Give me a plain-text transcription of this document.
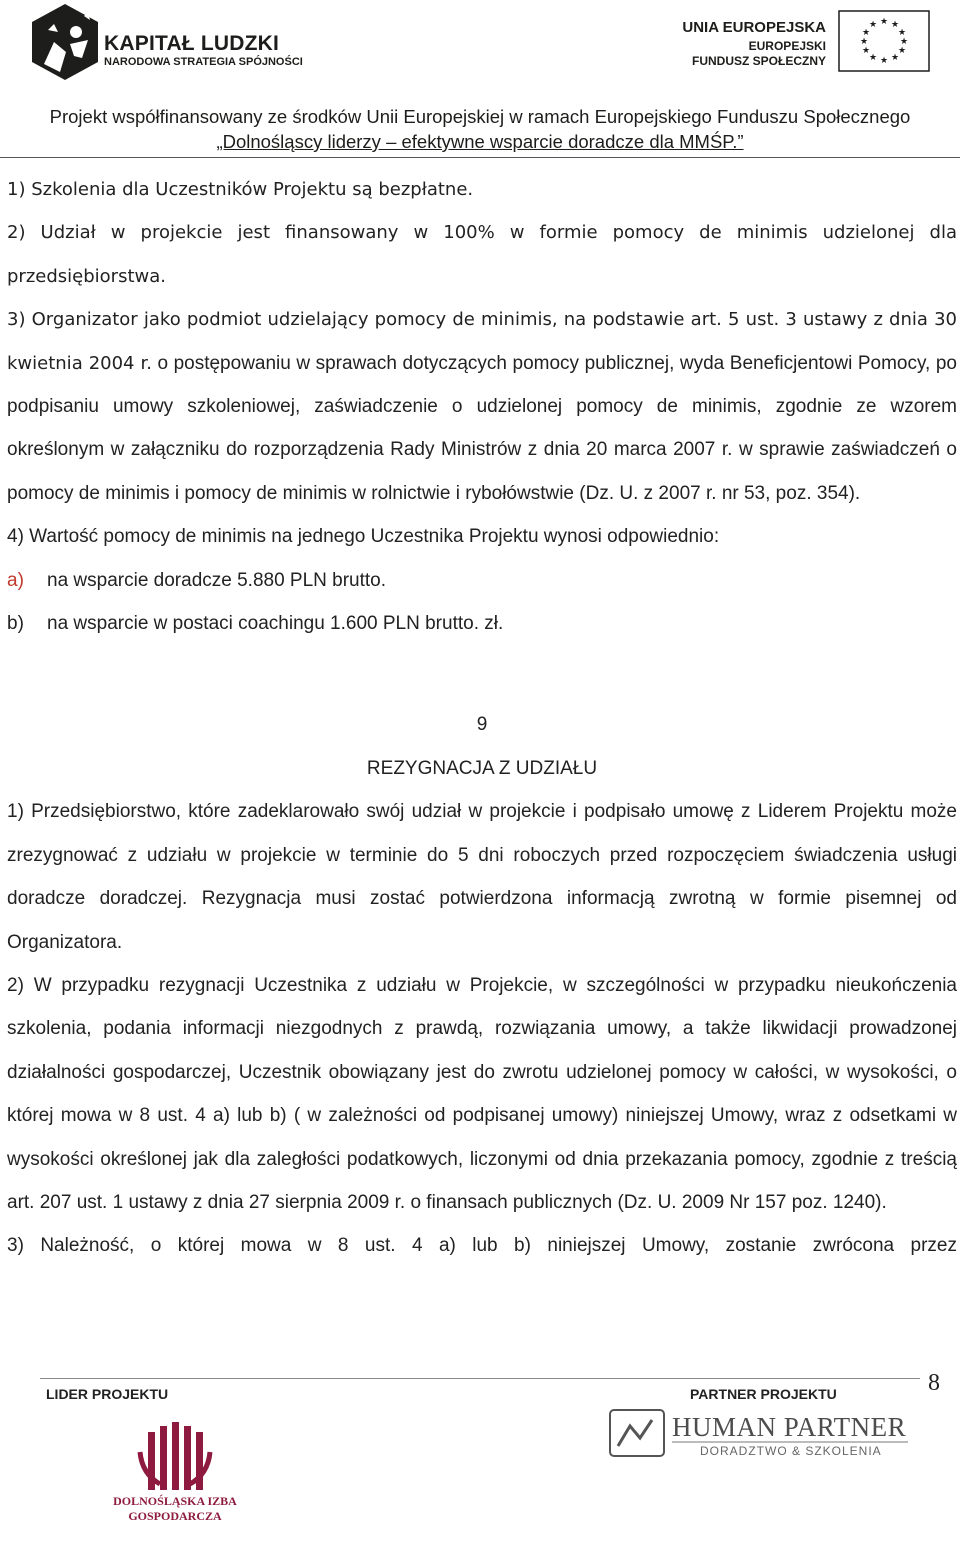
KAPITAŁ LUDZKI
NARODOWA STRATEGIA SPÓJNOŚCI
UNIA EUROPEJSKA
EUROPEJSKI
FUNDUSZ SPOŁECZNY
★ ★
★
★
★
★
★
★
★
★
★
★
Projekt współfinansowany ze środków Unii Europejskiej w ramach Europejskiego Funduszu Społecznego
„Dolnośląscy liderzy – efektywne wsparcie doradcze dla MMŚP.”

1) Szkolenia dla Uczestników Projektu są bezpłatne.

2) Udział w projekcie jest finansowany w 100% w formie pomocy de minimis udzielonej dla przedsiębiorstwa.

3) Organizator jako podmiot udzielający pomocy de minimis, na podstawie art. 5 ust. 3 ustawy z dnia 30 kwietnia 2004 r. o postępowaniu w sprawach dotyczących pomocy publicznej, wyda Beneficjentowi Pomocy, po podpisaniu umowy szkoleniowej, zaświadczenie o udzielonej pomocy de minimis, zgodnie ze wzorem określonym w załączniku do rozporządzenia Rady Ministrów z dnia 20 marca 2007 r. w sprawie zaświadczeń o pomocy de minimis i pomocy de minimis w rolnictwie i rybołówstwie (Dz. U. z 2007 r. nr 53, poz. 354).

4) Wartość pomocy de minimis na jednego Uczestnika Projektu wynosi odpowiednio:

a)	na wsparcie doradcze 5.880 PLN brutto.
b)	na wsparcie w postaci coachingu 1.600 PLN brutto. zł.
9
REZYGNACJA Z UDZIAŁU

1) Przedsiębiorstwo, które zadeklarowało swój udział w projekcie i podpisało umowę z Liderem Projektu może zrezygnować z udziału w projekcie w terminie do 5 dni roboczych przed rozpoczęciem świadczenia usługi doradcze doradczej. Rezygnacja musi zostać potwierdzona informacją zwrotną w formie pisemnej od Organizatora.

2) W przypadku rezygnacji Uczestnika z udziału w Projekcie, w szczególności w przypadku nieukończenia szkolenia, podania informacji niezgodnych z prawdą, rozwiązania umowy, a także likwidacji prowadzonej działalności gospodarczej, Uczestnik obowiązany jest do zwrotu udzielonej pomocy w całości, w wysokości, o której mowa w 8 ust. 4 a) lub b) ( w zależności od podpisanej umowy) niniejszej Umowy, wraz z odsetkami w wysokości określonej jak dla zaległości podatkowych, liczonymi od dnia przekazania pomocy, zgodnie z treścią art. 207 ust. 1 ustawy z dnia 27 sierpnia 2009 r. o finansach publicznych (Dz. U. 2009 Nr 157 poz. 1240).

3) Należność, o której mowa w 8 ust. 4 a) lub b) niniejszej Umowy, zostanie zwrócona przez

8
LIDER PROJEKTU	PARTNER PROJEKTU
DOLNOŚLĄSKA IZBA
GOSPODARCZA
HUMAN PARTNER
DORADZTWO & SZKOLENIA
